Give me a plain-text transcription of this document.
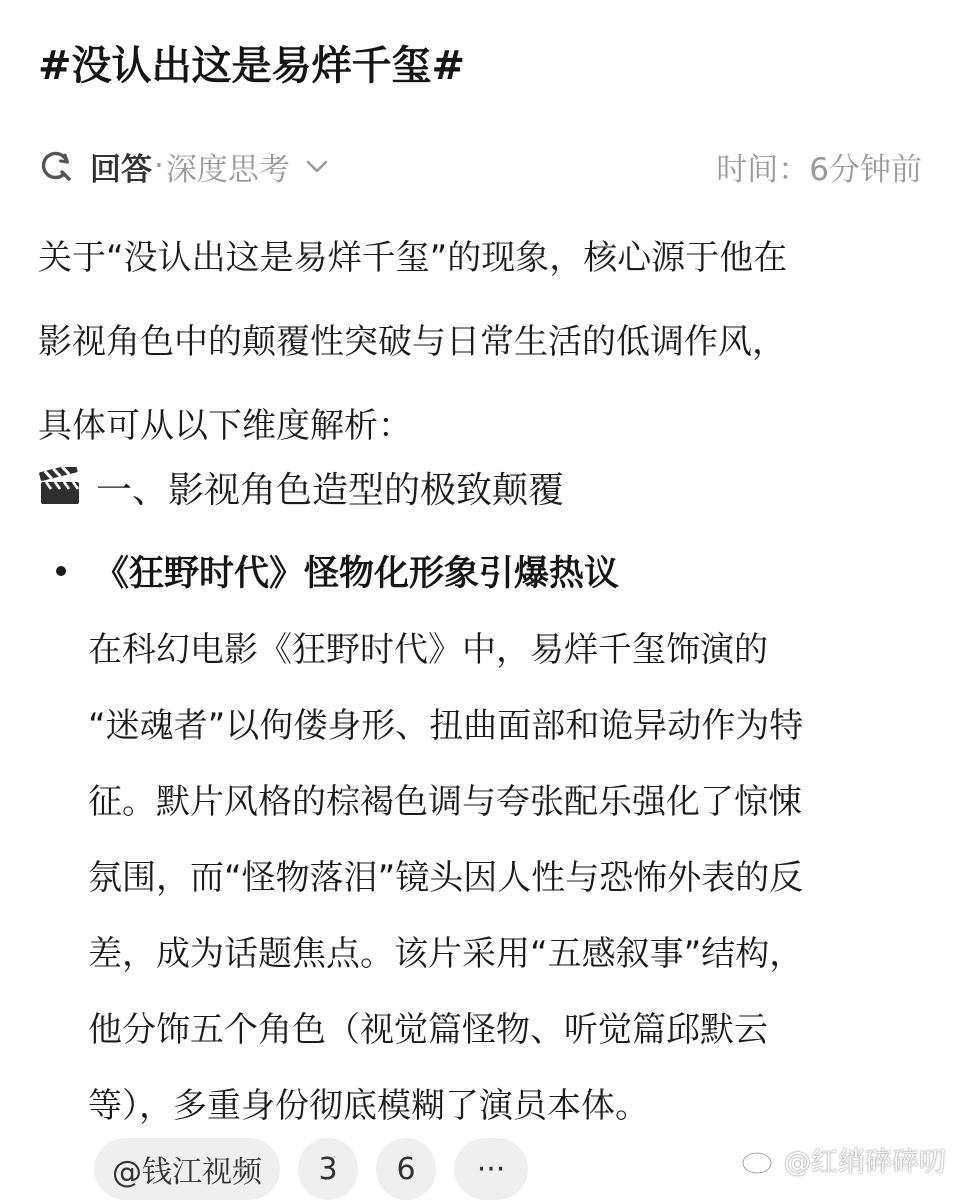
#没认出这是易烊千玺#
回答 · 深度思考	时间：6分钟前
关于“没认出这是易烊千玺”的现象，核心源于他在
影视角色中的颠覆性突破与日常生活的低调作风，
具体可从以下维度解析：
一、影视角色造型的极致颠覆
《狂野时代》怪物化形象引爆热议
在科幻电影《狂野时代》中，易烊千玺饰演的
“迷魂者”以佝偻身形、扭曲面部和诡异动作为特
征。默片风格的棕褐色调与夸张配乐强化了惊悚
氛围，而“怪物落泪”镜头因人性与恐怖外表的反
差，成为话题焦点。该片采用“五感叙事”结构，
他分饰五个角色（视觉篇怪物、听觉篇邱默云
等），多重身份彻底模糊了演员本体。
@钱江视频	3	6	···	@红绡碎碎叨
